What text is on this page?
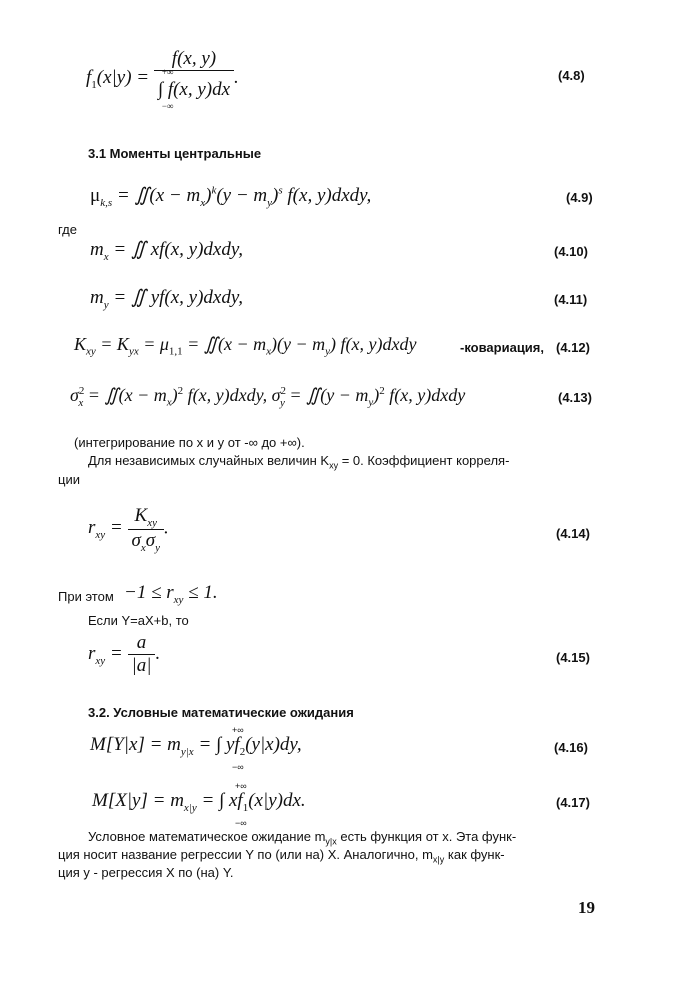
$f_1(x|y) = f(x$, y)
+∞
∫ f(x, y)dx
−∞ .	(4.8)
3.1 Моменты центральные
$\mu_{k,s}$ = ∬(x − $m_x)^k(y - m_y)^s$ f(x, y)dxdy,	(4.9)
где
$m_x$ = ∬ xf(x, y)dxdy,	(4.10)
$m_y$ = ∬ yf(x, y)dxdy,	(4.11)
$K_{xy} = K_{yx} = \mu_{1,1}$ = ∬(x − $m_x)(y - m_y)$ f(x, y)dxdy	-ковариация, (4.12)
$\sigma^2_x$ = ∬(x − $m_x)^2$ f(x, y)dxdy, $\sigma^2_y$ = ∬(y − $m_y)^2$ f(x, y)dxdy	(4.13)
(интегрирование по x и y от -∞ до +∞).
Для независимых случайных величин $K_{xy} = 0$. Коэффициент корреля-
ции
$r_{xy} = \frac{K_{xy}}{\sigma_x\sigma_y}$ .	(4.14)
При этом $-1 \le r_{xy} \le 1$.
Если Y=aX+b, то
$r_{xy} = \frac{a}{|a|}$ .	(4.15)
3.2. Условные математические ожидания
$M[Y|x] = m_{y|x}$ = ∫ $yf_2(y|x)dy$,
+∞
−∞
(4.16)
$M[X|y] = m_{x|y}$ = ∫ $xf_1(x|y)dx$.
+∞
−∞
(4.17)
Условное математическое ожидание $m_{y|x}$ есть функция от x. Эта функ-
ция носит название регрессии Y по (или на) X. Аналогично, $m_{x|y}$ как функ-
ция y - регрессия X по (на) Y.
19
